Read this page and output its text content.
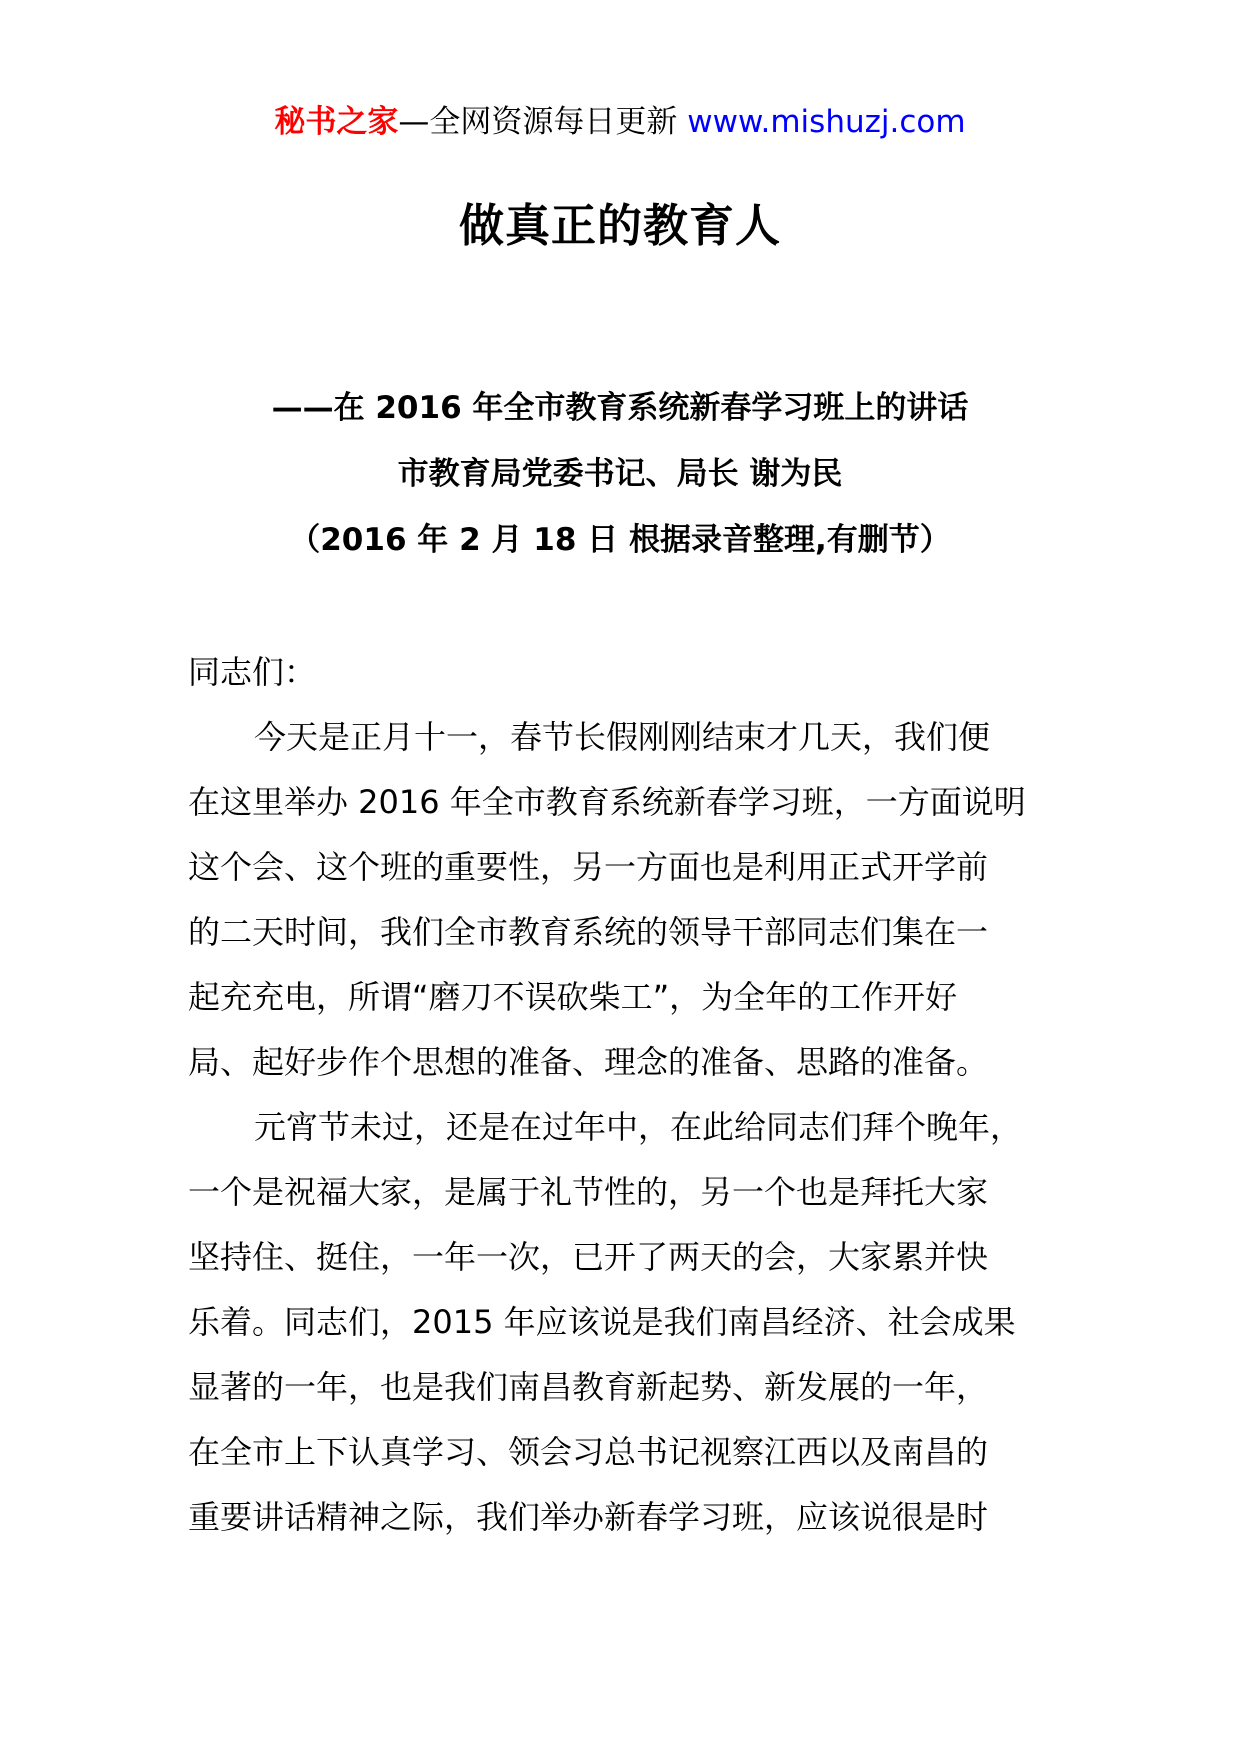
秘书之家—全网资源每日更新 www.mishuzj.com
做真正的教育人
——在 2016 年全市教育系统新春学习班上的讲话
市教育局党委书记、局长 谢为民
（2016 年 2 月 18 日 根据录音整理,有删节）

同志们：

今天是正月十一，春节长假刚刚结束才几天，我们便

在这里举办 2016 年全市教育系统新春学习班，一方面说明

这个会、这个班的重要性，另一方面也是利用正式开学前

的二天时间，我们全市教育系统的领导干部同志们集在一

起充充电，所谓“磨刀不误砍柴工”，为全年的工作开好

局、起好步作个思想的准备、理念的准备、思路的准备。

元宵节未过，还是在过年中，在此给同志们拜个晚年，

一个是祝福大家，是属于礼节性的，另一个也是拜托大家

坚持住、挺住，一年一次，已开了两天的会，大家累并快

乐着。同志们，2015 年应该说是我们南昌经济、社会成果

显著的一年，也是我们南昌教育新起势、新发展的一年，

在全市上下认真学习、领会习总书记视察江西以及南昌的

重要讲话精神之际，我们举办新春学习班，应该说很是时
